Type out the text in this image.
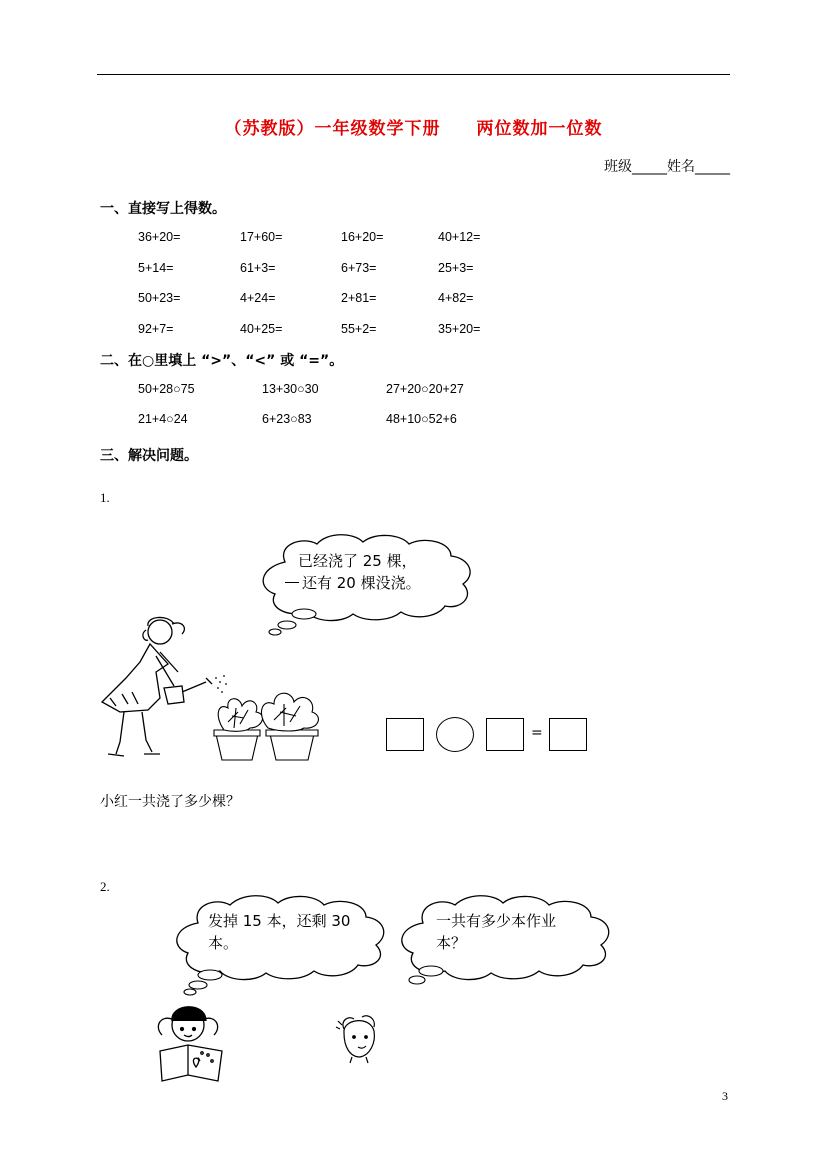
（苏教版）一年级数学下册 两位数加一位数
班级_____姓名_____
一、直接写上得数。
36+20=	17+60=	16+20=	40+12=
5+14=	61+3=	6+73=	25+3=
50+23=	4+24=	2+81=	4+82=
92+7=	40+25=	55+2=	35+20=
二、在○里填上 “>”、“<” 或 “=”。
50+28○75	13+30○30	27+20○20+27
21+4○24	6+23○83	48+10○52+6
三、解决问题。
1.
已经浇了 25 棵，
还有 20 棵没浇。
=
小红一共浇了多少棵？
2.
发掉 15 本，还剩 30 本。
一共有多少本作业本？
3
